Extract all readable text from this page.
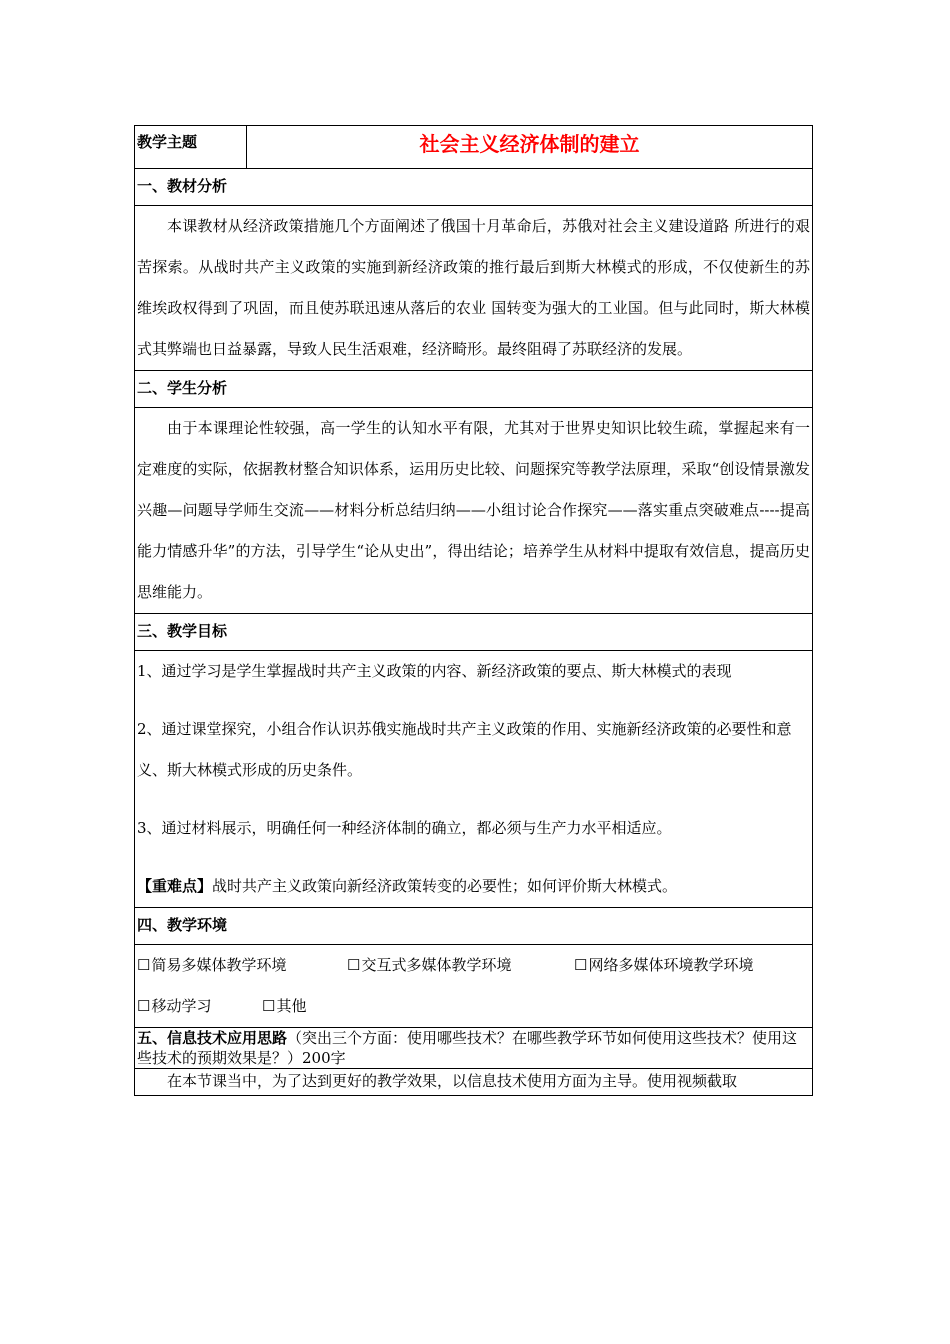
教学主题	社会主义经济体制的建立

一、教材分析

本课教材从经济政策措施几个方面阐述了俄国十月革命后，苏俄对社会主义建设道路 所进行的艰苦探索。从战时共产主义政策的实施到新经济政策的推行最后到斯大林模式的形成，不仅使新生的苏维埃政权得到了巩固，而且使苏联迅速从落后的农业 国转变为强大的工业国。但与此同时，斯大林模式其弊端也日益暴露，导致人民生活艰难，经济畸形。最终阻碍了苏联经济的发展。

二、学生分析

由于本课理论性较强，高一学生的认知水平有限，尤其对于世界史知识比较生疏，掌握起来有一定难度的实际，依据教材整合知识体系，运用历史比较、问题探究等教学法原理，采取“创设情景激发兴趣—问题导学师生交流——材料分析总结归纳——小组讨论合作探究——落实重点突破难点----提高能力情感升华”的方法，引导学生“论从史出”，得出结论；培养学生从材料中提取有效信息，提高历史思维能力。

三、教学目标

1、通过学习是学生掌握战时共产主义政策的内容、新经济政策的要点、斯大林模式的表现

2、通过课堂探究，小组合作认识苏俄实施战时共产主义政策的作用、实施新经济政策的必要性和意义、斯大林模式形成的历史条件。

3、通过材料展示，明确任何一种经济体制的确立，都必须与生产力水平相适应。

【重难点】战时共产主义政策向新经济政策转变的必要性；如何评价斯大林模式。

四、教学环境

☐简易多媒体教学环境	☐交互式多媒体教学环境	☐网络多媒体环境教学环境
☐移动学习	☐其他

五、信息技术应用思路（突出三个方面：使用哪些技术？在哪些教学环节如何使用这些技术？使用这些技术的预期效果是？）200字

在本节课当中，为了达到更好的教学效果，以信息技术使用方面为主导。使用视频截取
